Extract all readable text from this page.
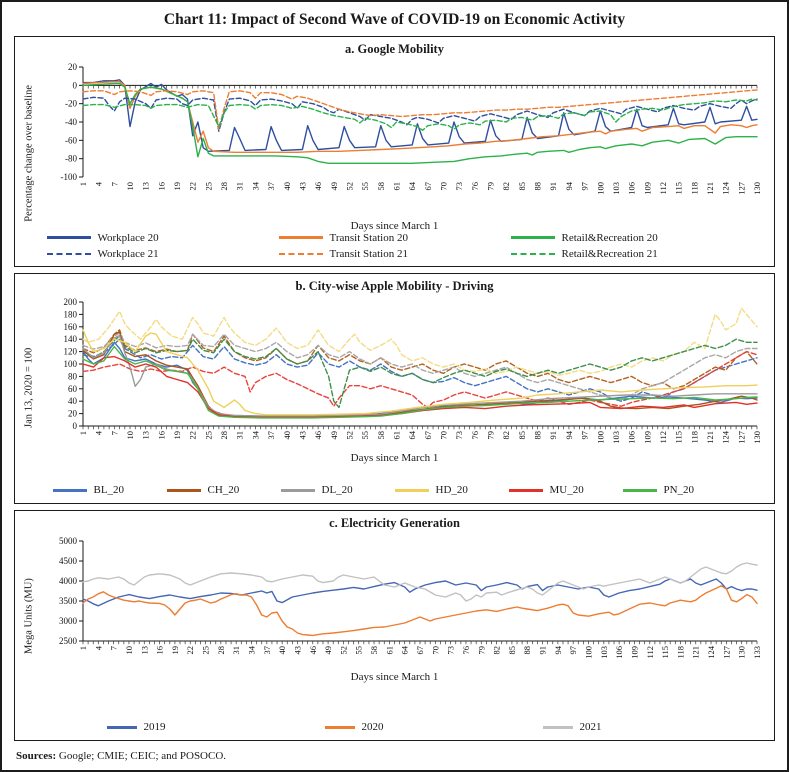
Chart 11: Impact of Second Wave of COVID-19 on Economic Activity
a. Google Mobility
Percentage change over baseline
20
0
-20
-40
-60
-80
-100
1 4 7 10 13 16 19 22 25 28 31 34 37 40 43 46 49 52 55 58 61 64 67 70 73 76 79 82 85 88 91 94 97 100 103 106 109 112 115 118 121 124 127 130
Days since March 1
Workplace 20	Transit Station 20	Retail&Recreation 20
Workplace 21	Transit Station 21	Retail&Recreation 21
b. City-wise Apple Mobility - Driving
Jan 13, 2020 = 100
200
180
160
140
120
100
80
60
40
20
0
1 4 7 10 13 16 19 22 25 28 31 34 37 40 43 46 49 52 55 58 61 64 67 70 73 76 79 82 85 88 91 94 97 100 103 106 109 112 115 118 121 124 127 130
Days since March 1
BL_20	CH_20	DL_20	HD_20	MU_20	PN_20
c. Electricity Generation
Mega Units (MU)
5000
4500
4000
3500
3000
2500
1 4 7 10 13 16 19 22 25 28 31 34 37 40 43 46 49 52 55 58 61 64 67 70 73 76 79 82 85 88 91 94 97 100 103 106 109 112 115 118 121 124 127 130 133
Days since March 1
2019	2020	2021
Sources: Google; CMIE; CEIC; and POSOCO.
